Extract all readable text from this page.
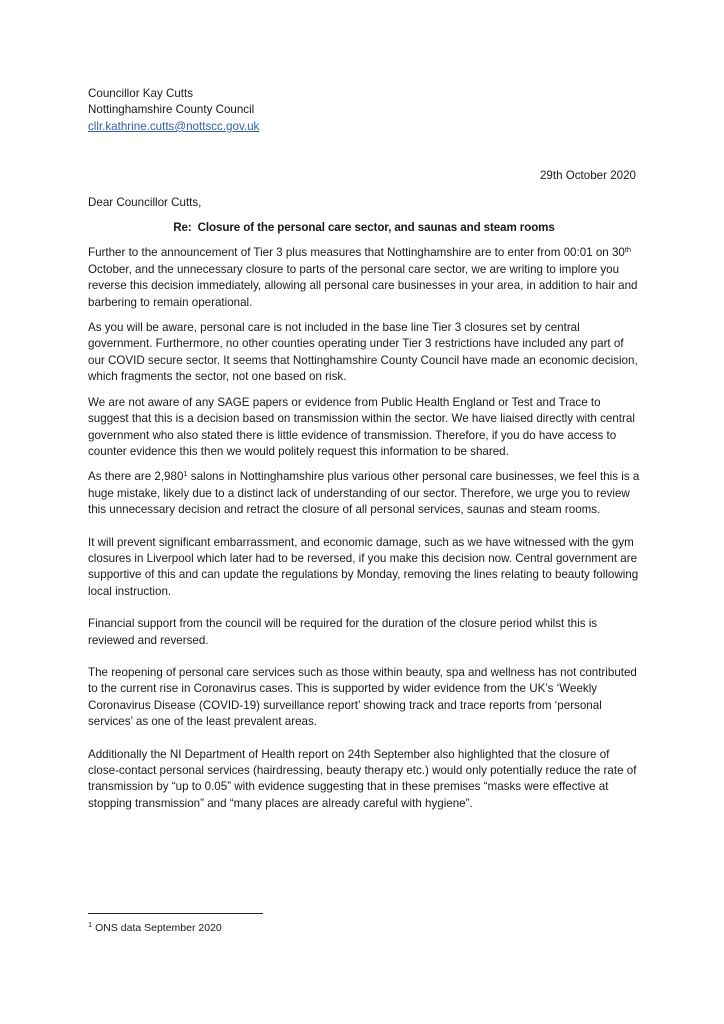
Councillor Kay Cutts

Nottinghamshire County Council

cllr.kathrine.cutts@nottscc.gov.uk

29th October 2020

Dear Councillor Cutts,

Re: Closure of the personal care sector, and saunas and steam rooms

Further to the announcement of Tier 3 plus measures that Nottinghamshire are to enter from 00:01 on 30th October, and the unnecessary closure to parts of the personal care sector, we are writing to implore you reverse this decision immediately, allowing all personal care businesses in your area, in addition to hair and barbering to remain operational.

As you will be aware, personal care is not included in the base line Tier 3 closures set by central government. Furthermore, no other counties operating under Tier 3 restrictions have included any part of our COVID secure sector. It seems that Nottinghamshire County Council have made an economic decision, which fragments the sector, not one based on risk.

We are not aware of any SAGE papers or evidence from Public Health England or Test and Trace to suggest that this is a decision based on transmission within the sector. We have liaised directly with central government who also stated there is little evidence of transmission. Therefore, if you do have access to counter evidence this then we would politely request this information to be shared.

As there are 2,980$^1$ salons in Nottinghamshire plus various other personal care businesses, we feel this is a huge mistake, likely due to a distinct lack of understanding of our sector. Therefore, we urge you to review this unnecessary decision and retract the closure of all personal services, saunas and steam rooms.

It will prevent significant embarrassment, and economic damage, such as we have witnessed with the gym closures in Liverpool which later had to be reversed, if you make this decision now. Central government are supportive of this and can update the regulations by Monday, removing the lines relating to beauty following local instruction.

Financial support from the council will be required for the duration of the closure period whilst this is reviewed and reversed.

The reopening of personal care services such as those within beauty, spa and wellness has not contributed to the current rise in Coronavirus cases. This is supported by wider evidence from the UK’s ‘Weekly Coronavirus Disease (COVID-19) surveillance report’ showing track and trace reports from ‘personal services’ as one of the least prevalent areas.

Additionally the NI Department of Health report on 24th September also highlighted that the closure of close-contact personal services (hairdressing, beauty therapy etc.) would only potentially reduce the rate of transmission by “up to 0.05” with evidence suggesting that in these premises “masks were effective at stopping transmission” and “many places are already careful with hygiene”.

$^1$ ONS data September 2020
